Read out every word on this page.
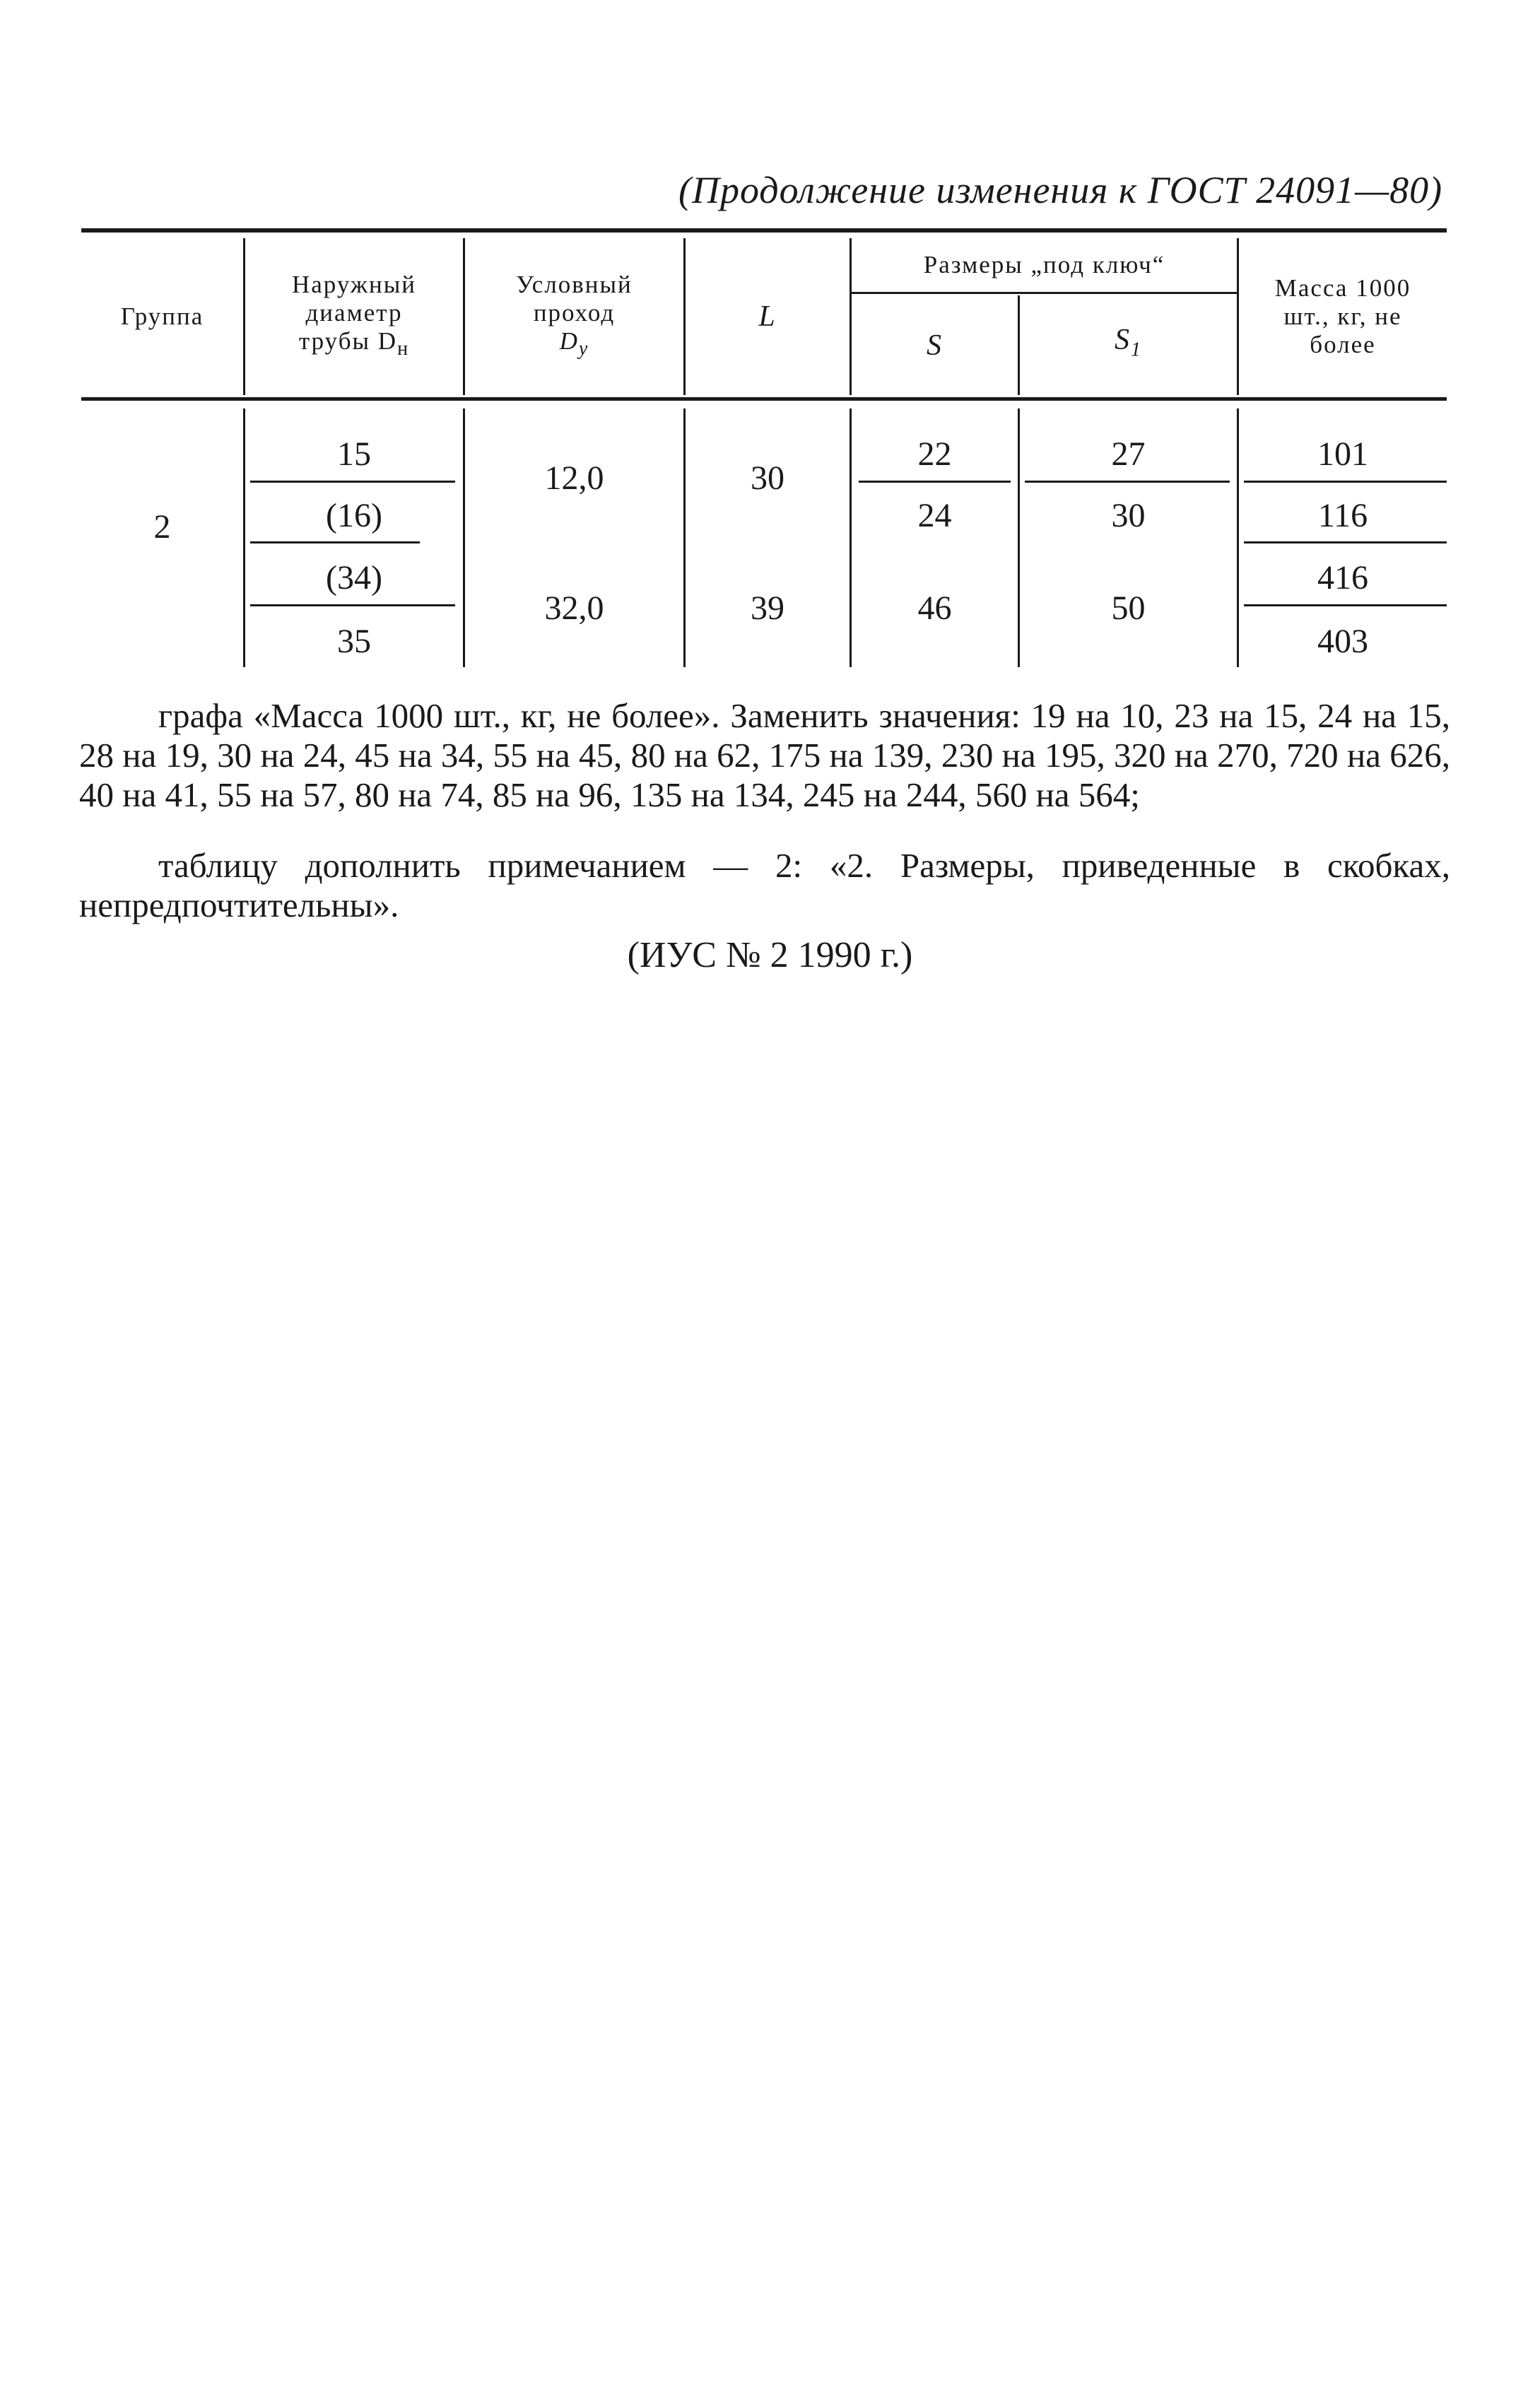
(Продолжение изменения к ГОСТ 24091—80)
Группа
Наружный
диаметр
трубы $D_н$
Условный
проход
$D_у$
L
Размеры „под ключ“
S	$S_1$
Масса 1000
шт., кг, не
более
2
15
(16)
(34)
35
12,0
32,0
30
39
22
24
46
27
30
50
101
116
416
403
графа «Масса 1000 шт., кг, не более». Заменить значения: 19 на 10, 23 на 15, 24 на 15, 28 на 19, 30 на 24, 45 на 34, 55 на 45, 80 на 62, 175 на 139, 230 на 195, 320 на 270, 720 на 626, 40 на 41, 55 на 57, 80 на 74, 85 на 96, 135 на 134, 245 на 244, 560 на 564;
таблицу дополнить примечанием — 2: «2. Размеры, приведенные в скобках, непредпочтительны».
(ИУС № 2 1990 г.)
